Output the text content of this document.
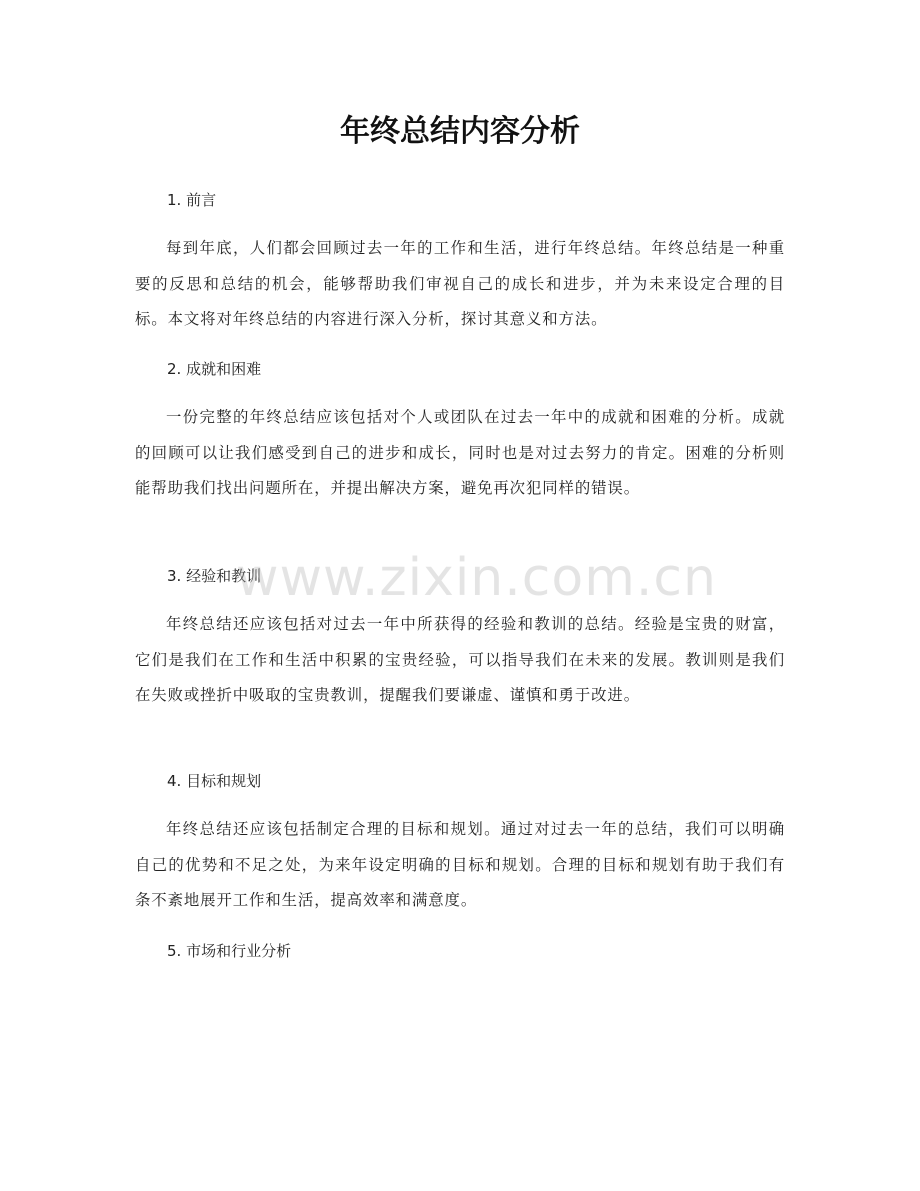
年终总结内容分析
1. 前言

每到年底，人们都会回顾过去一年的工作和生活，进行年终总结。年终总结是一种重要的反思和总结的机会，能够帮助我们审视自己的成长和进步，并为未来设定合理的目标。本文将对年终总结的内容进行深入分析，探讨其意义和方法。

2. 成就和困难

一份完整的年终总结应该包括对个人或团队在过去一年中的成就和困难的分析。成就的回顾可以让我们感受到自己的进步和成长，同时也是对过去努力的肯定。困难的分析则能帮助我们找出问题所在，并提出解决方案，避免再次犯同样的错误。

3. 经验和教训

年终总结还应该包括对过去一年中所获得的经验和教训的总结。经验是宝贵的财富，它们是我们在工作和生活中积累的宝贵经验，可以指导我们在未来的发展。教训则是我们在失败或挫折中吸取的宝贵教训，提醒我们要谦虚、谨慎和勇于改进。

4. 目标和规划

年终总结还应该包括制定合理的目标和规划。通过对过去一年的总结，我们可以明确自己的优势和不足之处，为来年设定明确的目标和规划。合理的目标和规划有助于我们有条不紊地展开工作和生活，提高效率和满意度。

5. 市场和行业分析
www.zixin.com.cn
